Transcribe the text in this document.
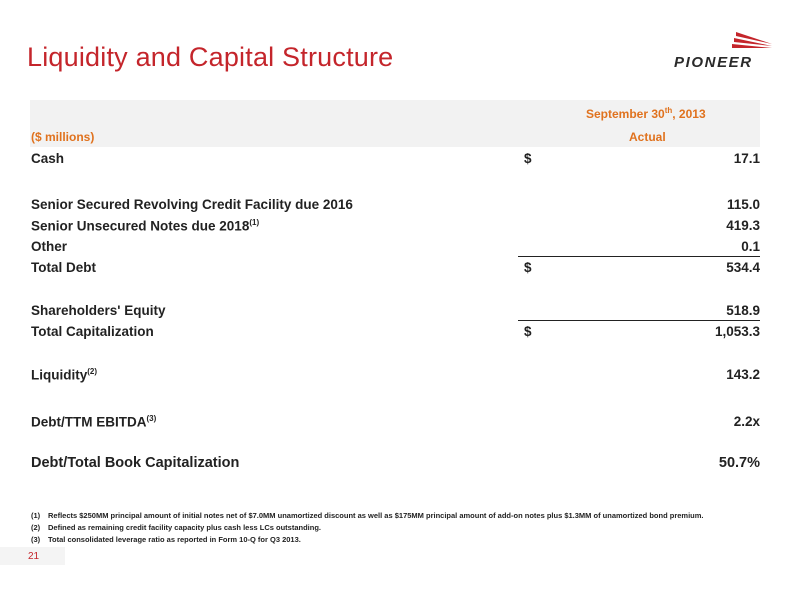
Liquidity and Capital Structure	PIONEER
September 30th, 2013
($ millions)	Actual
Cash	$	17.1
Senior Secured Revolving Credit Facility due 2016	115.0
Senior Unsecured Notes due 2018$^{(1)}$	419.3
Other	0.1
Total Debt	$	534.4
Shareholders' Equity	518.9
Total Capitalization	$	1,053.3
Liquidity$^{(2)}$	143.2
Debt/TTM EBITDA$^{(3)}$	2.2x
Debt/Total Book Capitalization	50.7%
(1) Reflects $250MM principal amount of initial notes net of $7.0MM unamortized discount as well as $175MM principal amount of add-on notes plus $1.3MM of unamortized bond premium.
(2) Defined as remaining credit facility capacity plus cash less LCs outstanding.
(3) Total consolidated leverage ratio as reported in Form 10-Q for Q3 2013.
21
